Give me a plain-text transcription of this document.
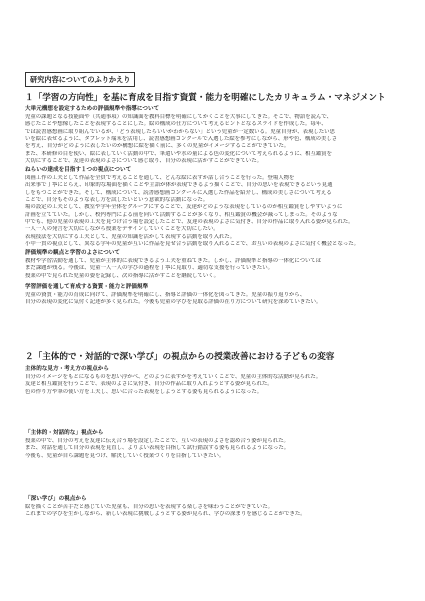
研究内容についてのふりかえり
１「学習の方向性」を基に育成を目指す資質・能力を明確にしたカリキュラム・マネジメント
大単元構想を設定するための評価規準や指導について
児童の課題となる技能面や（共通事項）の知識面を教科目標を明確にしてかくことを大事にしてきた。そこで、物語を読んで、
感じたことや想像したことを表現することにした。絵の構成の仕方について考えるヒントとなるスライドを作成した。毎年、
では読書感想画に取り組んでいるが、「どう表現したらいいかわからない」という児童が一定数いる。児童自身が、表現したい思
いを絵に表せるように、タブレット端末を活用し、読書感想画コンクールで入選した絵を参考にしながら、形や色、構成の美しさ
を考え、自分がどのように表したいのか構想に絵を描く前に、多くの児童がイメージすることができていた。
また、本研修の目を使い、絵に表していく活動の中で、筆遣いや水の量による色の変化について考えられるように、相互鑑賞を
大切にすることで、友達の表現のよさについて感じ取り、自分の表現に活かすことができていた。
ねらいの達成を目指す１つの視点について
図画工作の工夫として作品を全員で考えることを通して、どんな絵に表すか話し合うことを行った。登場人物を
出来事で丁寧にとらえ、印象的な場面を描くことや主語が体が表現できるよう描くことで、自分の思いを表現できるという見通
しをもつことができた。そして、構成について、読書感想画コンクールに入選した作品を紹介し、構成の美しさについて考える
ことで、自分もそのような表し方を試したいという意欲的な活動になった。
場の設定の工夫として、教室や学年全体をグループにすることで、友達がどのような表現をしているのか相互鑑賞をしやすいように
計画を立てていた。しかし、校内専門による前を向いて活動することが多くなり、相互鑑賞の機会が減ってしまった。そのような
中でも、他の児童の表現の工夫を見つけ合う場を設定したことで、友達の表現のよさに気付き、自分の作品に取り入れる姿が見られた。
一人一人の発言を大切にしながら授業をデザインしていくことを大切にしたい。
表現技法を大切にする工夫として、児童の知識を活かして表現する活動を取り入れた。
小中一貫の視点として、異なる学年の児童が互いに作品を見せ合う活動を取り入れることで、お互いの表現のよさに気付く機会となった。
評価規準の観点と学習のよさについて
教材や学習活動を通して、児童が主体的に表現できるよう工夫を重ねてきた。しかし、評価規準と指導の一体化については
まだ課題が残る。今後は、児童一人一人の学びの過程を丁寧に見取り、適切な支援を行っていきたい。
授業の中で見られた児童の姿を記録し、次の指導に活かすことを継続していく。
学習評価を通して育成する資質・能力と評価規準
児童の資質・能力の育成に向けて、評価規準を明確にし、指導と評価の一体化を図ってきた。児童の振り返りから、
自分の表現の変化に気付く記述が多く見られた。今後も児童の学びを見取る評価の在り方について研究を深めていきたい。
２「主体的で・対話的で深い学び」の視点からの授業改善における子どもの変容
主体的な見方・考え方の視点から
自分のイメージをもとになるものを思い浮かべ、どのように表すかを考えていくことで、児童の主体的な活動が見られた。
友達と相互鑑賞を行うことで、表現のよさに気付き、自分の作品に取り入れようとする姿が見られた。
色の作り方や筆の使い方を工夫し、思いに合った表現をしようとする姿も見られるようになった。
「主体的・対話的な」視点から
授業の中で、自分の考えを友達に伝え合う場を設定したことで、互いの表現のよさを認め合う姿が見られた。
また、対話を通して自分の表現を見直し、よりよい表現を目指して試行錯誤する姿も見られるようになった。
今後も、児童が自ら課題を見つけ、解決していく授業づくりを目指していきたい。
「深い学び」の視点から
絵を描くことが苦手だと感じていた児童も、自分の思いを表現する楽しさを味わうことができていた。
これまでの学びを生かしながら、新しい表現に挑戦しようとする姿が見られ、学びの深まりを感じることができた。
